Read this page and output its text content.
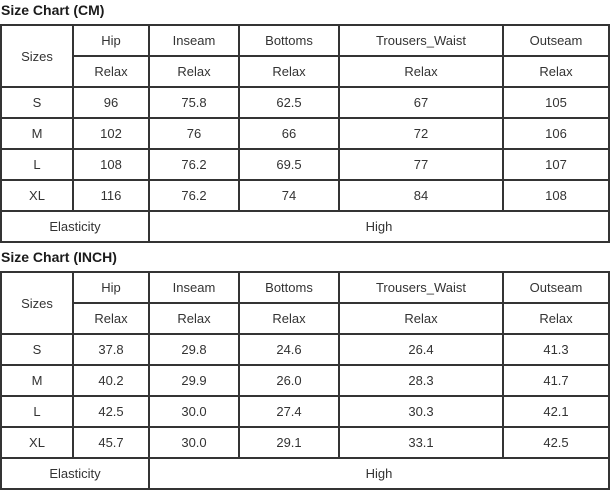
Size Chart (CM)
Sizes	Hip	Inseam	Bottoms	Trousers_Waist	Outseam
	Relax	Relax	Relax	Relax	Relax
S	96	75.8	62.5	67	105
M	102	76	66	72	106
L	108	76.2	69.5	77	107
XL	116	76.2	74	84	108
Elasticity		High			
Size Chart (INCH)
Sizes	Hip	Inseam	Bottoms	Trousers_Waist	Outseam
	Relax	Relax	Relax	Relax	Relax
S	37.8	29.8	24.6	26.4	41.3
M	40.2	29.9	26.0	28.3	41.7
L	42.5	30.0	27.4	30.3	42.1
XL	45.7	30.0	29.1	33.1	42.5
Elasticity		High			
